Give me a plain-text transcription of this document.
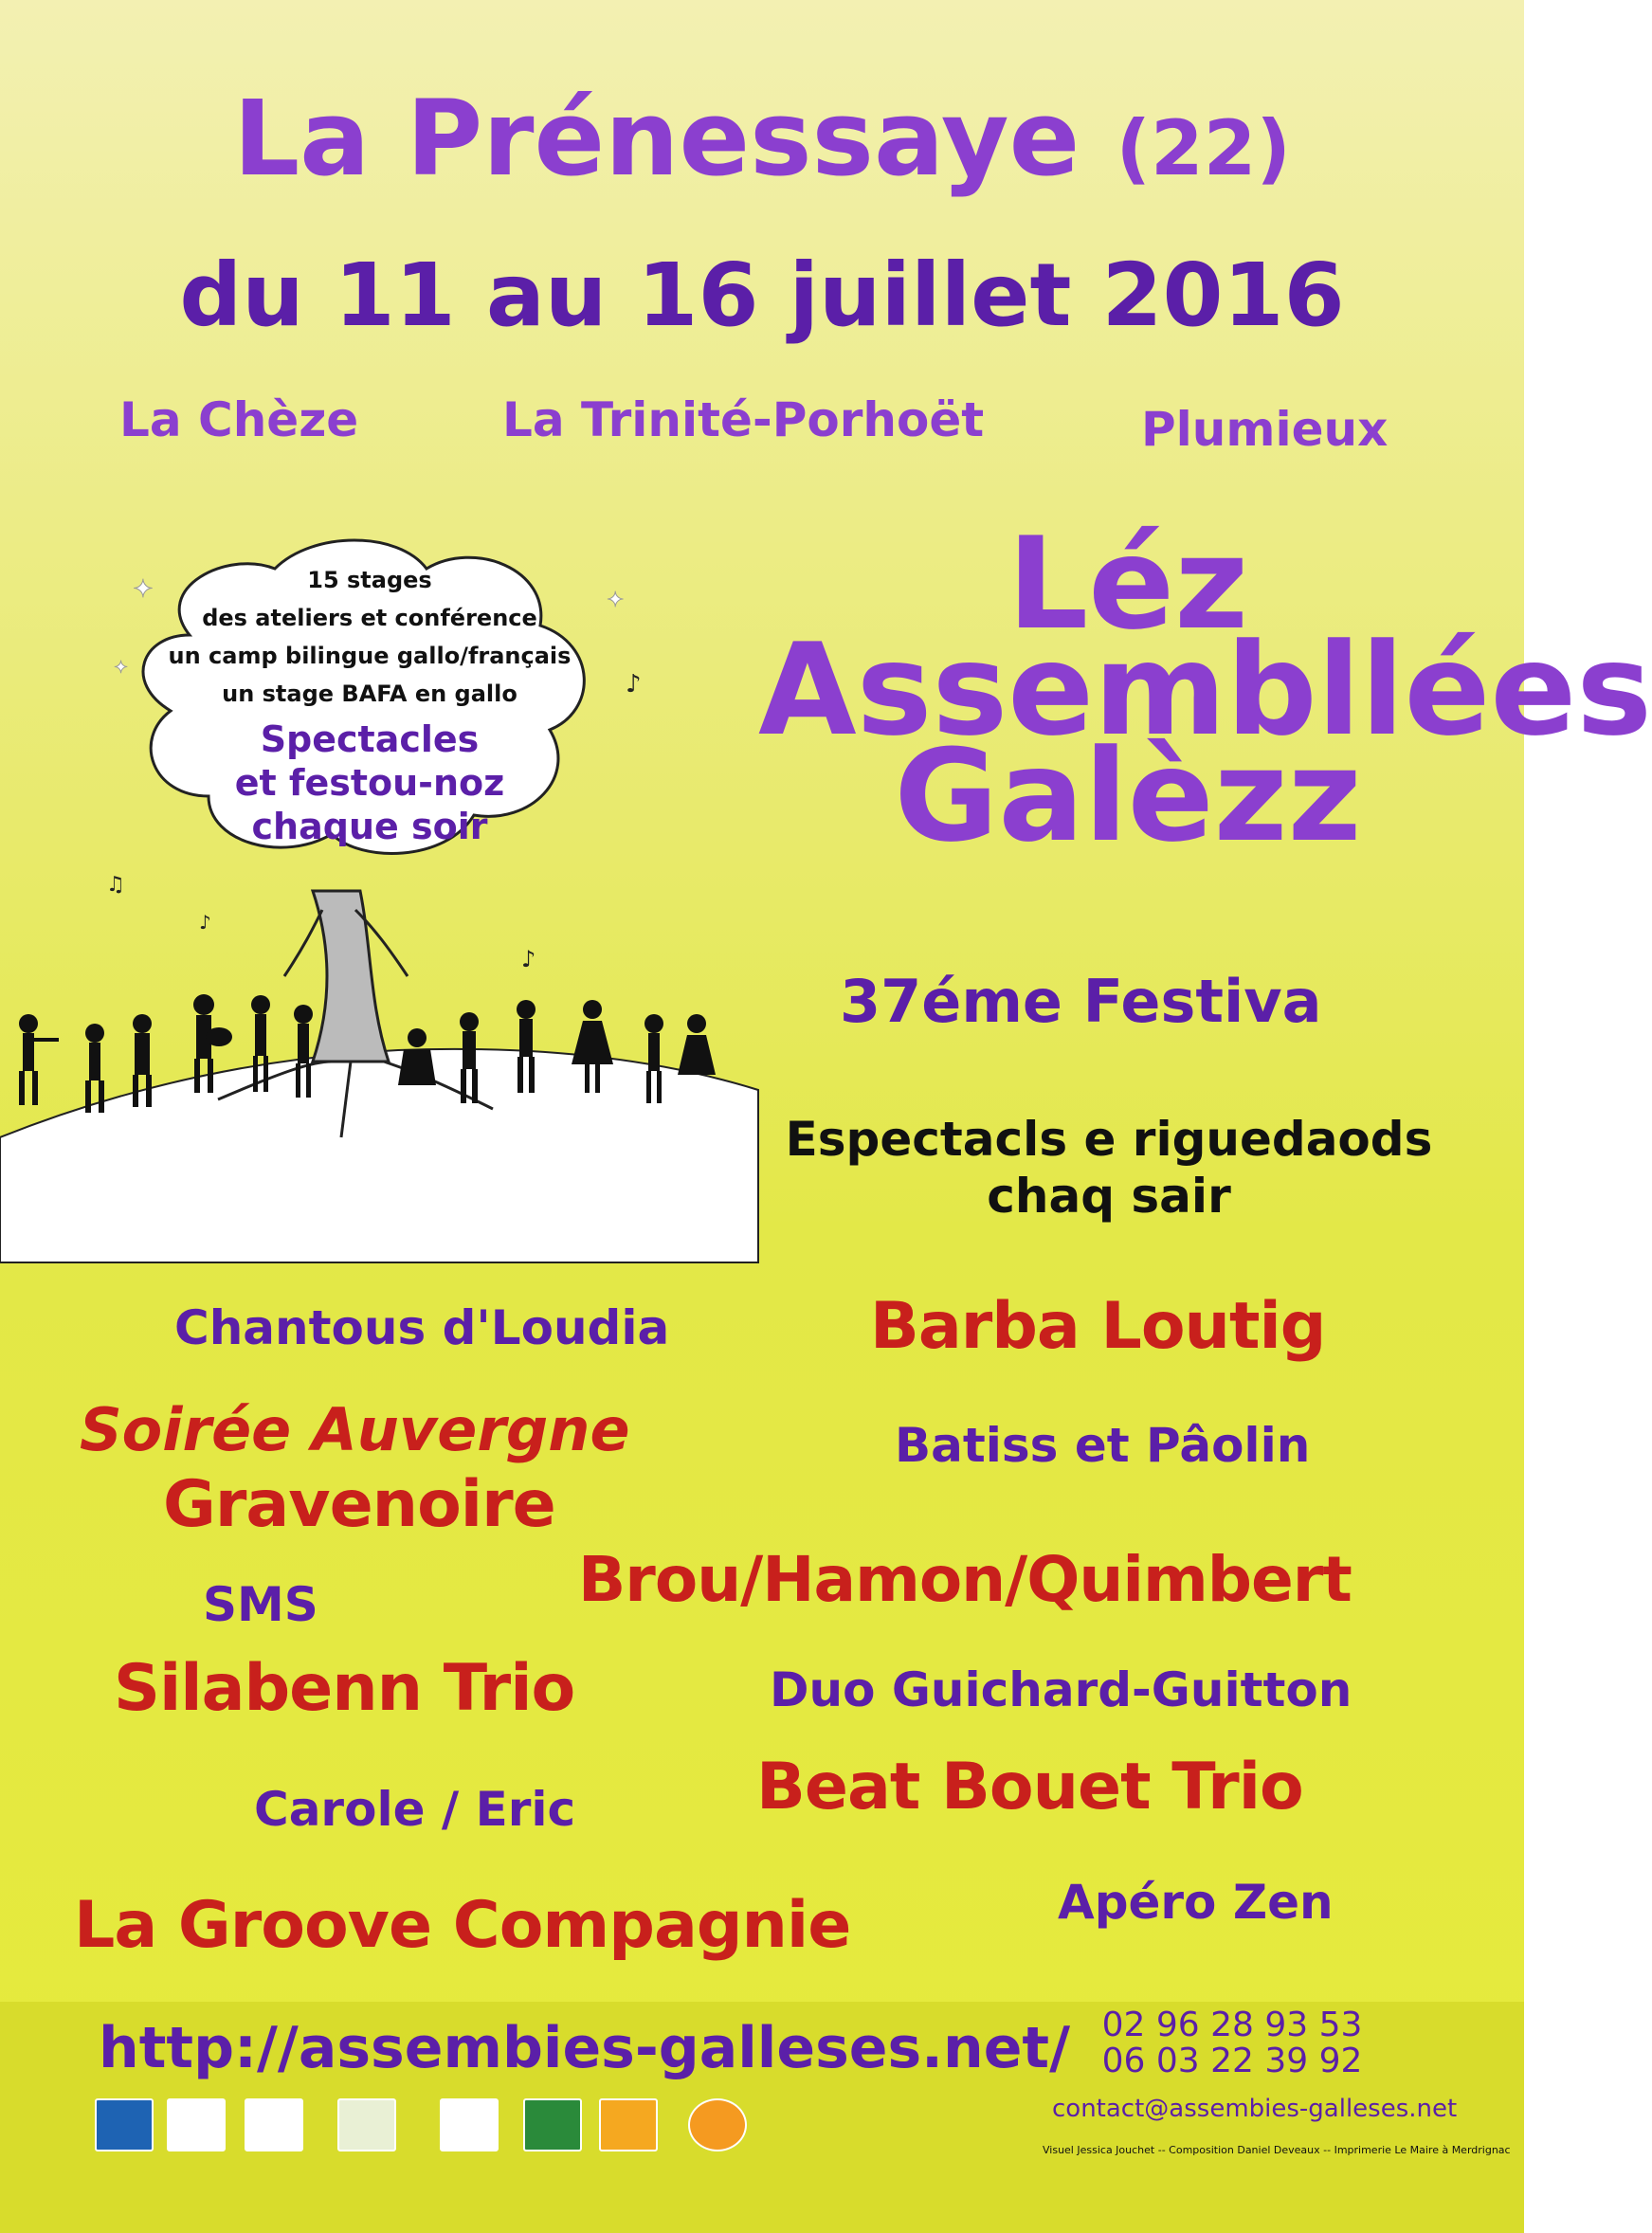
La Prénessaye (22)
du 11 au 16 juillet 2016
La Chèze	La Trinité-Porhoët	Plumieux
Léz
Assembllées
Galèzz
37éme Festiva
Espectacls e riguedaods
chaq sair
♪
♫
♪
♪
✦	✦
✦
15 stages
des ateliers et conférence
un camp bilingue gallo/français
un stage BAFA en gallo
Spectacles
et festou-noz
chaque soir
Chantous d'Loudia	Barba Loutig
Soirée Auvergne	Batiss et Pâolin
Gravenoire
SMS	Brou/Hamon/Quimbert
Silabenn Trio	Duo Guichard-Guitton
Carole / Eric	Beat Bouet Trio
Apéro Zen
La Groove Compagnie
http://assembies-galleses.net/ 02 96 28 93 53
06 03 22 39 92
contact@assembies-galleses.net
Visuel Jessica Jouchet -- Composition Daniel Deveaux -- Imprimerie Le Maire à Merdrignac
